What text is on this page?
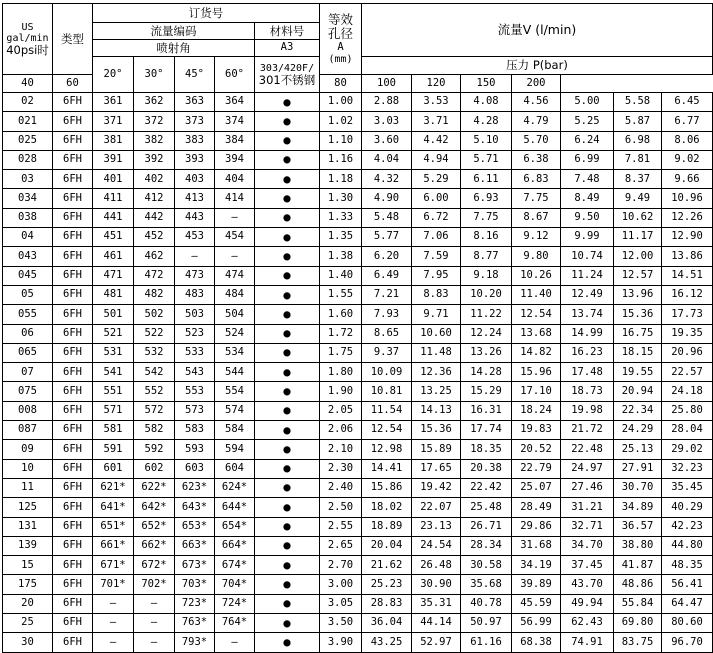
US
gal/min
40psi时	类型	订货号					等效
孔径
A
(mm)	流量V (l/min)						
		流量编码				材料号								
		喷射角				A3								
		20°	30°	45°	60°	303/420F/
301不锈钢		压力 P(bar)						
40	60						80	100	120	150	200			
02	6FH	361	362	363	364	●	1.00	2.88	3.53	4.08	4.56	5.00	5.58	6.45
021	6FH	371	372	373	374	●	1.02	3.03	3.71	4.28	4.79	5.25	5.87	6.77
025	6FH	381	382	383	384	●	1.10	3.60	4.42	5.10	5.70	6.24	6.98	8.06
028	6FH	391	392	393	394	●	1.16	4.04	4.94	5.71	6.38	6.99	7.81	9.02
03	6FH	401	402	403	404	●	1.18	4.32	5.29	6.11	6.83	7.48	8.37	9.66
034	6FH	411	412	413	414	●	1.30	4.90	6.00	6.93	7.75	8.49	9.49	10.96
038	6FH	441	442	443	–	●	1.33	5.48	6.72	7.75	8.67	9.50	10.62	12.26
04	6FH	451	452	453	454	●	1.35	5.77	7.06	8.16	9.12	9.99	11.17	12.90
043	6FH	461	462	–	–	●	1.38	6.20	7.59	8.77	9.80	10.74	12.00	13.86
045	6FH	471	472	473	474	●	1.40	6.49	7.95	9.18	10.26	11.24	12.57	14.51
05	6FH	481	482	483	484	●	1.55	7.21	8.83	10.20	11.40	12.49	13.96	16.12
055	6FH	501	502	503	504	●	1.60	7.93	9.71	11.22	12.54	13.74	15.36	17.73
06	6FH	521	522	523	524	●	1.72	8.65	10.60	12.24	13.68	14.99	16.75	19.35
065	6FH	531	532	533	534	●	1.75	9.37	11.48	13.26	14.82	16.23	18.15	20.96
07	6FH	541	542	543	544	●	1.80	10.09	12.36	14.28	15.96	17.48	19.55	22.57
075	6FH	551	552	553	554	●	1.90	10.81	13.25	15.29	17.10	18.73	20.94	24.18
008	6FH	571	572	573	574	●	2.05	11.54	14.13	16.31	18.24	19.98	22.34	25.80
087	6FH	581	582	583	584	●	2.06	12.54	15.36	17.74	19.83	21.72	24.29	28.04
09	6FH	591	592	593	594	●	2.10	12.98	15.89	18.35	20.52	22.48	25.13	29.02
10	6FH	601	602	603	604	●	2.30	14.41	17.65	20.38	22.79	24.97	27.91	32.23
11	6FH	621*	622*	623*	624*	●	2.40	15.86	19.42	22.42	25.07	27.46	30.70	35.45
125	6FH	641*	642*	643*	644*	●	2.50	18.02	22.07	25.48	28.49	31.21	34.89	40.29
131	6FH	651*	652*	653*	654*	●	2.55	18.89	23.13	26.71	29.86	32.71	36.57	42.23
139	6FH	661*	662*	663*	664*	●	2.65	20.04	24.54	28.34	31.68	34.70	38.80	44.80
15	6FH	671*	672*	673*	674*	●	2.70	21.62	26.48	30.58	34.19	37.45	41.87	48.35
175	6FH	701*	702*	703*	704*	●	3.00	25.23	30.90	35.68	39.89	43.70	48.86	56.41
20	6FH	–	–	723*	724*	●	3.05	28.83	35.31	40.78	45.59	49.94	55.84	64.47
25	6FH	–	–	763*	764*	●	3.50	36.04	44.14	50.97	56.99	62.43	69.80	80.60
30	6FH	–	–	793*	–	●	3.90	43.25	52.97	61.16	68.38	74.91	83.75	96.70
